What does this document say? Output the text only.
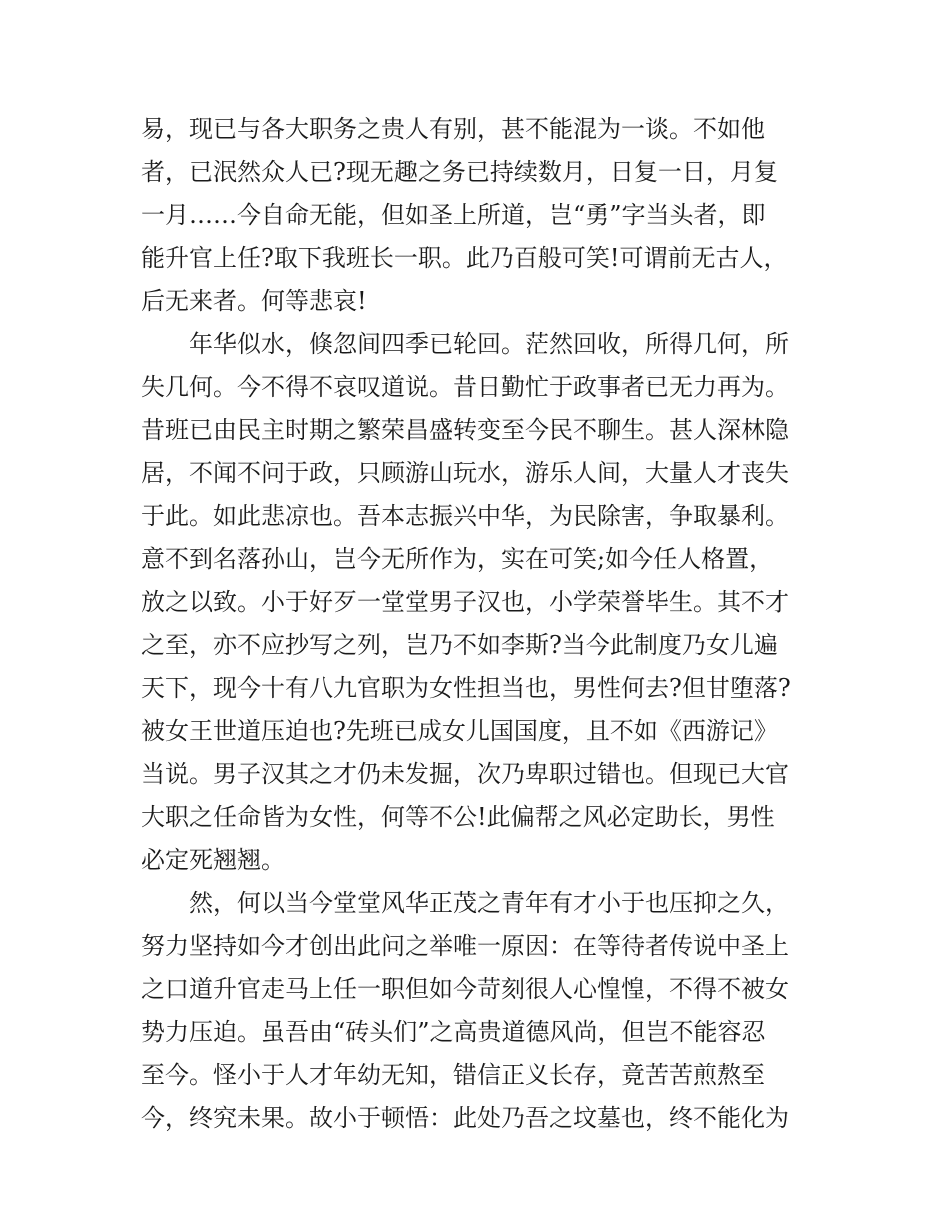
易，现已与各大职务之贵人有别，甚不能混为一谈。不如他
者，已泯然众人已?现无趣之务已持续数月，日复一日，月复
一月……今自命无能，但如圣上所道，岂“勇”字当头者，即
能升官上任?取下我班长一职。此乃百般可笑!可谓前无古人，
后无来者。何等悲哀!
　　年华似水，倏忽间四季已轮回。茫然回收，所得几何，所
失几何。今不得不哀叹道说。昔日勤忙于政事者已无力再为。
昔班已由民主时期之繁荣昌盛转变至今民不聊生。甚人深林隐
居，不闻不问于政，只顾游山玩水，游乐人间，大量人才丧失
于此。如此悲凉也。吾本志振兴中华，为民除害，争取暴利。
意不到名落孙山，岂今无所作为，实在可笑;如今任人格置，
放之以致。小于好歹一堂堂男子汉也，小学荣誉毕生。其不才
之至，亦不应抄写之列，岂乃不如李斯?当今此制度乃女儿遍
天下，现今十有八九官职为女性担当也，男性何去?但甘堕落?
被女王世道压迫也?先班已成女儿国国度，且不如《西游记》
当说。男子汉其之才仍未发掘，次乃卑职过错也。但现已大官
大职之任命皆为女性，何等不公!此偏帮之风必定助长，男性
必定死翘翘。
　　然，何以当今堂堂风华正茂之青年有才小于也压抑之久，
努力坚持如今才创出此问之举唯一原因：在等待者传说中圣上
之口道升官走马上任一职但如今苛刻很人心惶惶，不得不被女
势力压迫。虽吾由“砖头们”之高贵道德风尚，但岂不能容忍
至今。怪小于人才年幼无知，错信正义长存，竟苦苦煎熬至
今，终究未果。故小于顿悟：此处乃吾之坟墓也，终不能化为
